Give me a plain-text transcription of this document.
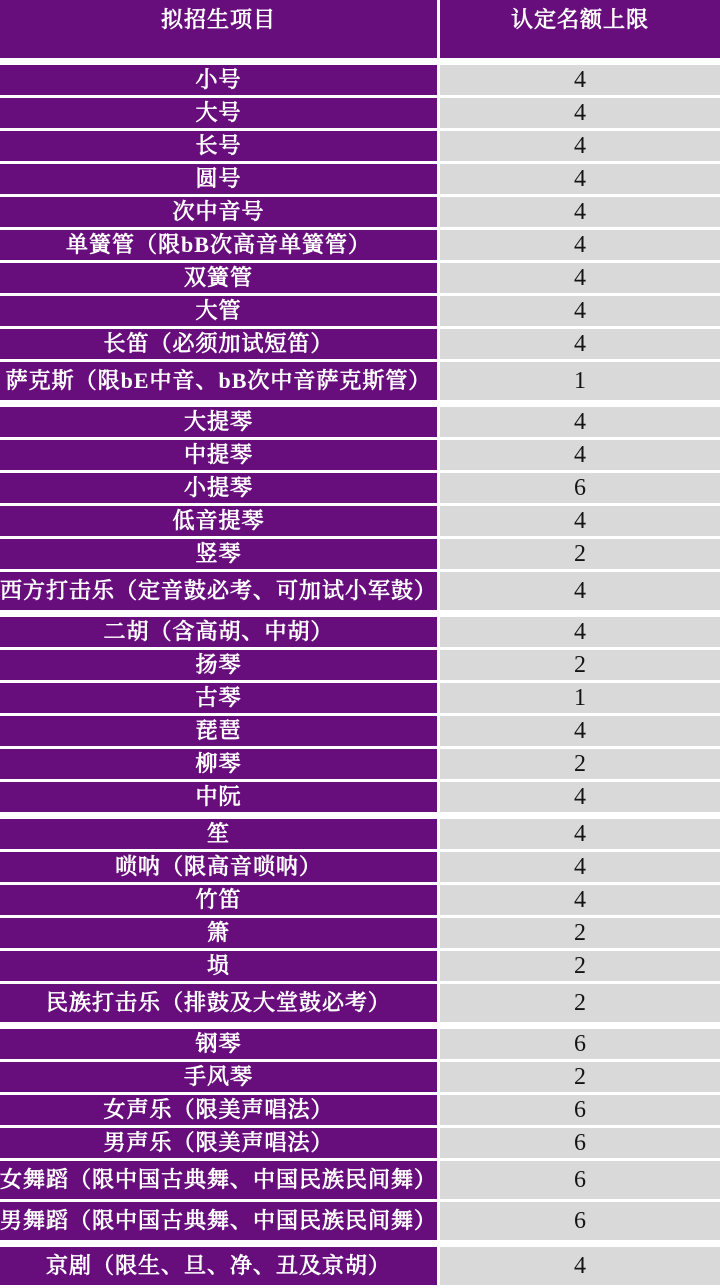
拟招生项目	认定名额上限
小号	4
大号	4
长号	4
圆号	4
次中音号	4
单簧管（限bB次高音单簧管）	4
双簧管	4
大管	4
长笛（必须加试短笛）	4
萨克斯（限bE中音、bB次中音萨克斯管）	1
大提琴	4
中提琴	4
小提琴	6
低音提琴	4
竖琴	2
西方打击乐（定音鼓必考、可加试小军鼓）	4
二胡（含高胡、中胡）	4
扬琴	2
古琴	1
琵琶	4
柳琴	2
中阮	4
笙	4
唢呐（限高音唢呐）	4
竹笛	4
箫	2
埙	2
民族打击乐（排鼓及大堂鼓必考）	2
钢琴	6
手风琴	2
女声乐（限美声唱法）	6
男声乐（限美声唱法）	6
女舞蹈（限中国古典舞、中国民族民间舞）	6
男舞蹈（限中国古典舞、中国民族民间舞）	6
京剧（限生、旦、净、丑及京胡）	4
